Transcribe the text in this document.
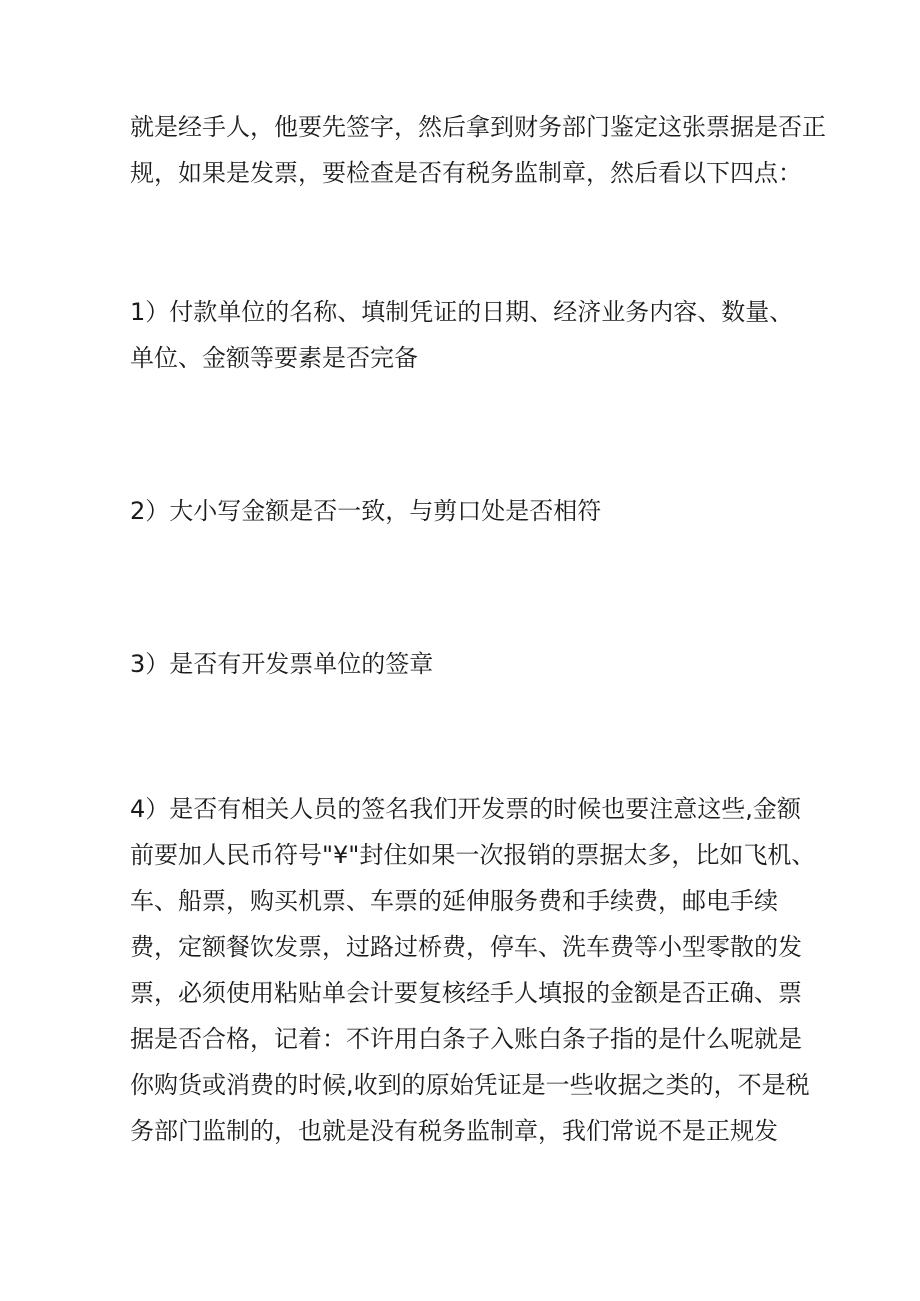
就是经手人，他要先签字，然后拿到财务部门鉴定这张票据是否正
规，如果是发票，要检查是否有税务监制章，然后看以下四点：
1）付款单位的名称、填制凭证的日期、经济业务内容、数量、
单位、金额等要素是否完备
2）大小写金额是否一致，与剪口处是否相符
3）是否有开发票单位的签章
4）是否有相关人员的签名我们开发票的时候也要注意这些,金额
前要加人民币符号"¥"封住如果一次报销的票据太多，比如飞机、
车、船票，购买机票、车票的延伸服务费和手续费，邮电手续
费，定额餐饮发票，过路过桥费，停车、洗车费等小型零散的发
票，必须使用粘贴单会计要复核经手人填报的金额是否正确、票
据是否合格，记着：不许用白条子入账白条子指的是什么呢就是
你购货或消费的时候,收到的原始凭证是一些收据之类的，不是税
务部门监制的，也就是没有税务监制章，我们常说不是正规发
